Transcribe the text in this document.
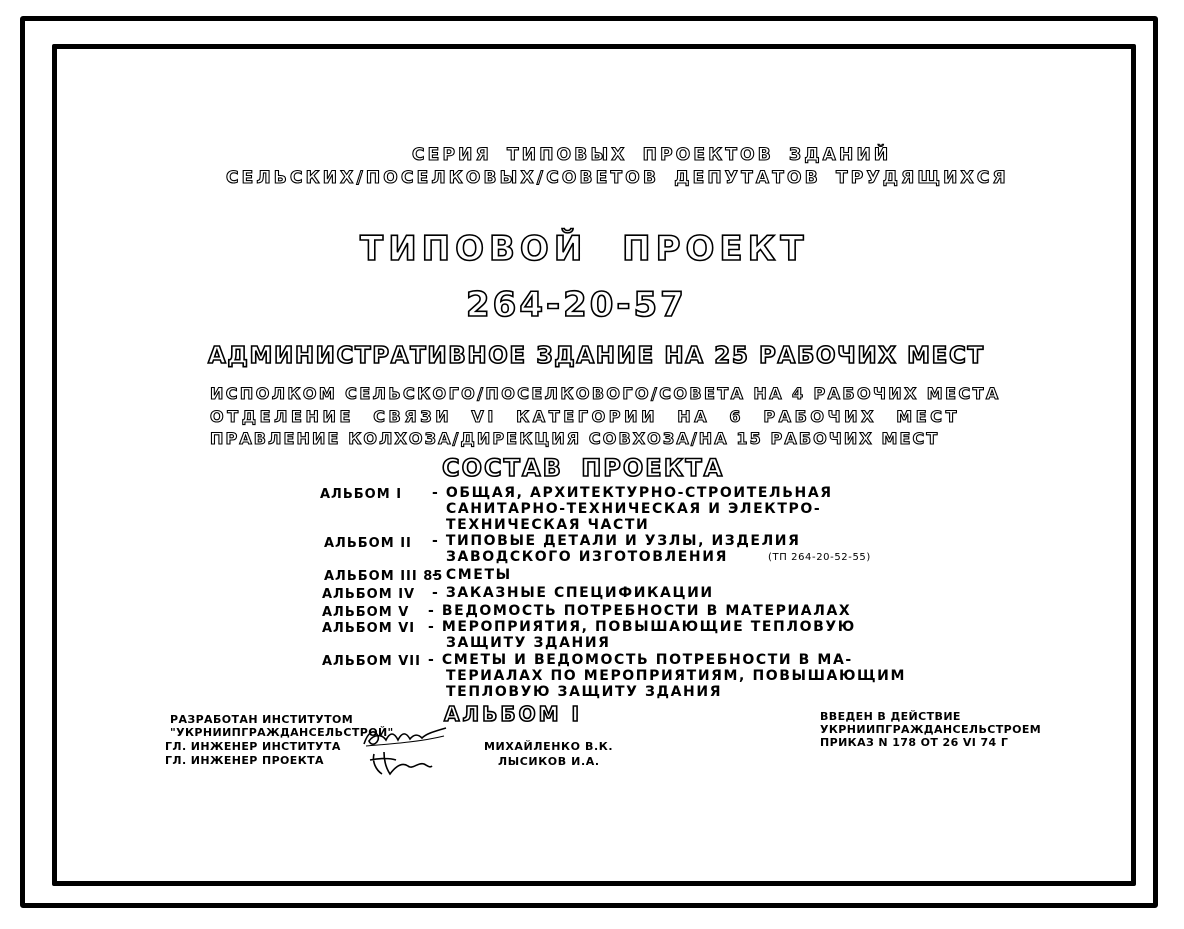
СЕРИЯ ТИПОВЫХ ПРОЕКТОВ ЗДАНИЙ
СЕЛЬСКИХ/ПОСЕЛКОВЫХ/СОВЕТОВ ДЕПУТАТОВ ТРУДЯЩИХСЯ
ТИПОВОЙ ПРОЕКТ
264-20-57
АДМИНИСТРАТИВНОЕ ЗДАНИЕ НА 25 РАБОЧИХ МЕСТ
ИСПОЛКОМ СЕЛЬСКОГО/ПОСЕЛКОВОГО/СОВЕТА НА 4 РАБОЧИХ МЕСТА
ОТДЕЛЕНИЕ СВЯЗИ VI КАТЕГОРИИ НА 6 РАБОЧИХ МЕСТ
ПРАВЛЕНИЕ КОЛХОЗА/ДИРЕКЦИЯ СОВХОЗА/НА 15 РАБОЧИХ МЕСТ
СОСТАВ ПРОЕКТА
АЛЬБОМ I - ОБЩАЯ, АРХИТЕКТУРНО-СТРОИТЕЛЬНАЯ
САНИТАРНО-ТЕХНИЧЕСКАЯ И ЭЛЕКТРО-
ТЕХНИЧЕСКАЯ ЧАСТИ
АЛЬБОМ II - ТИПОВЫЕ ДЕТАЛИ И УЗЛЫ, ИЗДЕЛИЯ
ЗАВОДСКОГО ИЗГОТОВЛЕНИЯ	(ТП 264-20-52-55)
АЛЬБОМ III 85
- СМЕТЫ
АЛЬБОМ IV - ЗАКАЗНЫЕ СПЕЦИФИКАЦИИ
АЛЬБОМ V - ВЕДОМОСТЬ ПОТРЕБНОСТИ В МАТЕРИАЛАХ
АЛЬБОМ VI - МЕРОПРИЯТИЯ, ПОВЫШАЮЩИЕ ТЕПЛОВУЮ
ЗАЩИТУ ЗДАНИЯ
АЛЬБОМ VII - СМЕТЫ И ВЕДОМОСТЬ ПОТРЕБНОСТИ В МА-
ТЕРИАЛАХ ПО МЕРОПРИЯТИЯМ, ПОВЫШАЮЩИМ
ТЕПЛОВУЮ ЗАЩИТУ ЗДАНИЯ
АЛЬБОМ I
РАЗРАБОТАН ИНСТИТУТОМ
"УКРНИИПГРАЖДАНСЕЛЬСТРОЙ"
ГЛ. ИНЖЕНЕР ИНСТИТУТА
ГЛ. ИНЖЕНЕР ПРОЕКТА
МИХАЙЛЕНКО В.К.
ЛЫСИКОВ И.А.
ВВЕДЕН В ДЕЙСТВИЕ
УКРНИИПГРАЖДАНСЕЛЬСТРОЕМ
ПРИКАЗ N 178 ОТ 26 VI 74 Г
